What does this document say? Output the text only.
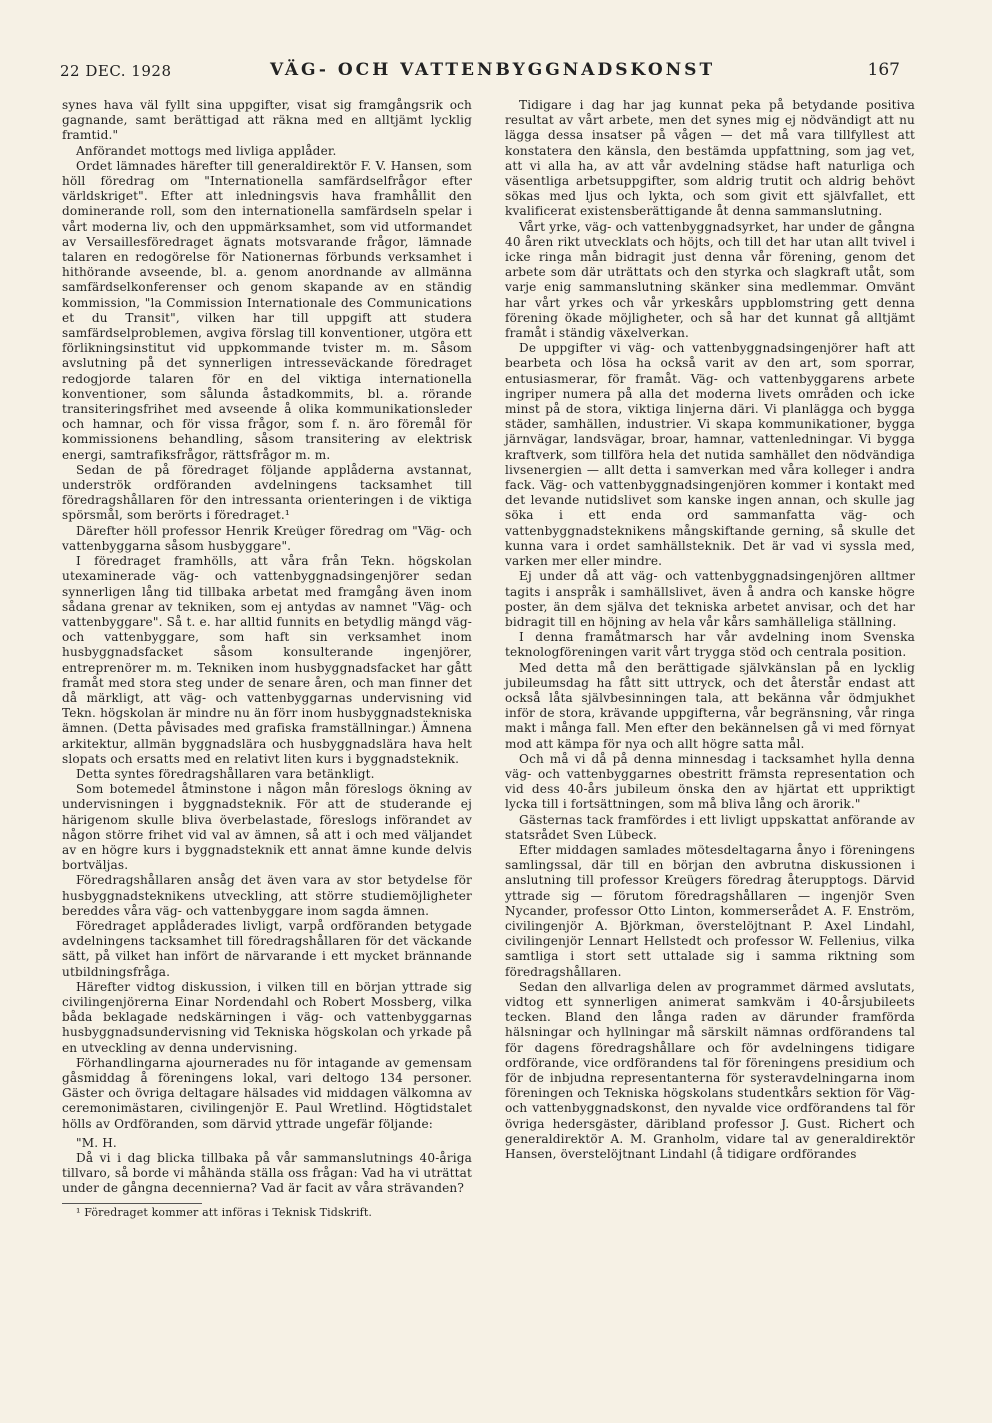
22 DEC. 1928	VÄG- OCH VATTENBYGGNADSKONST	167

synes hava väl fyllt sina uppgifter, visat sig framgångsrik och gagnande, samt berättigad att räkna med en alltjämt lycklig framtid."

Anförandet mottogs med livliga applåder.

Ordet lämnades härefter till generaldirektör F. V. Hansen, som höll föredrag om "Internationella samfärdselfrågor efter världskriget". Efter att inledningsvis hava framhållit den dominerande roll, som den internationella samfärdseln spelar i vårt moderna liv, och den uppmärksamhet, som vid utformandet av Versaillesföredraget ägnats motsvarande frågor, lämnade talaren en redogörelse för Nationernas förbunds verksamhet i hithörande avseende, bl. a. genom anordnande av allmänna samfärdselkonferenser och genom skapande av en ständig kommission, "la Commission Internationale des Communications et du Transit", vilken har till uppgift att studera samfärdselproblemen, avgiva förslag till konventioner, utgöra ett förlikningsinstitut vid uppkommande tvister m. m. Såsom avslutning på det synnerligen intresseväckande föredraget redogjorde talaren för en del viktiga internationella konventioner, som sålunda åstadkommits, bl. a. rörande transiteringsfrihet med avseende å olika kommunikationsleder och hamnar, och för vissa frågor, som f. n. äro föremål för kommissionens behandling, såsom transitering av elektrisk energi, samtrafiksfrågor, rättsfrågor m. m.

Sedan de på föredraget följande applåderna avstannat, underströk ordföranden avdelningens tacksamhet till föredragshållaren för den intressanta orienteringen i de viktiga spörsmål, som berörts i föredraget.¹

Därefter höll professor Henrik Kreüger föredrag om "Väg- och vattenbyggarna såsom husbyggare".

I föredraget framhölls, att våra från Tekn. högskolan utexaminerade väg- och vattenbyggnadsingenjörer sedan synnerligen lång tid tillbaka arbetat med framgång även inom sådana grenar av tekniken, som ej antydas av namnet "Väg- och vattenbyggare". Så t. e. har alltid funnits en betydlig mängd väg- och vattenbyggare, som haft sin verksamhet inom husbyggnadsfacket såsom konsulterande ingenjörer, entreprenörer m. m. Tekniken inom husbyggnadsfacket har gått framåt med stora steg under de senare åren, och man finner det då märkligt, att väg- och vattenbyggarnas undervisning vid Tekn. högskolan är mindre nu än förr inom husbyggnadstekniska ämnen. (Detta påvisades med grafiska framställningar.) Ämnena arkitektur, allmän byggnadslära och husbyggnadslära hava helt slopats och ersatts med en relativt liten kurs i byggnadsteknik.

Detta syntes föredragshållaren vara betänkligt.

Som botemedel åtminstone i någon mån föreslogs ökning av undervisningen i byggnadsteknik. För att de studerande ej härigenom skulle bliva överbelastade, föreslogs införandet av någon större frihet vid val av ämnen, så att i och med väljandet av en högre kurs i byggnadsteknik ett annat ämne kunde delvis bortväljas.

Föredragshållaren ansåg det även vara av stor betydelse för husbyggnadsteknikens utveckling, att större studiemöjligheter bereddes våra väg- och vattenbyggare inom sagda ämnen.

Föredraget applåderades livligt, varpå ordföranden betygade avdelningens tacksamhet till föredragshållaren för det väckande sätt, på vilket han infört de närvarande i ett mycket brännande utbildningsfråga.

Härefter vidtog diskussion, i vilken till en början yttrade sig civilingenjörerna Einar Nordendahl och Robert Mossberg, vilka båda beklagade nedskärningen i väg- och vattenbyggarnas husbyggnadsundervisning vid Tekniska högskolan och yrkade på en utveckling av denna undervisning.

Förhandlingarna ajournerades nu för intagande av gemensam gåsmiddag å föreningens lokal, vari deltogo 134 personer. Gäster och övriga deltagare hälsades vid middagen välkomna av ceremonimästaren, civilingenjör E. Paul Wretlind. Högtidstalet hölls av Ordföranden, som därvid yttrade ungefär följande:

"M. H.

Då vi i dag blicka tillbaka på vår sammanslutnings 40-åriga tillvaro, så borde vi måhända ställa oss frågan: Vad ha vi uträttat under de gångna decennierna? Vad är facit av våra strävanden?

¹ Föredraget kommer att införas i Teknisk Tidskrift.

Tidigare i dag har jag kunnat peka på betydande positiva resultat av vårt arbete, men det synes mig ej nödvändigt att nu lägga dessa insatser på vågen — det må vara tillfyllest att konstatera den känsla, den bestämda uppfattning, som jag vet, att vi alla ha, av att vår avdelning städse haft naturliga och väsentliga arbetsuppgifter, som aldrig trutit och aldrig behövt sökas med ljus och lykta, och som givit ett självfallet, ett kvalificerat existensberättigande åt denna sammanslutning.

Vårt yrke, väg- och vattenbyggnadsyrket, har under de gångna 40 åren rikt utvecklats och höjts, och till det har utan allt tvivel i icke ringa mån bidragit just denna vår förening, genom det arbete som där uträttats och den styrka och slagkraft utåt, som varje enig sammanslutning skänker sina medlemmar. Omvänt har vårt yrkes och vår yrkeskårs uppblomstring gett denna förening ökade möjligheter, och så har det kunnat gå alltjämt framåt i ständig växelverkan.

De uppgifter vi väg- och vattenbyggnadsingenjörer haft att bearbeta och lösa ha också varit av den art, som sporrar, entusiasmerar, för framåt. Väg- och vattenbyggarens arbete ingriper numera på alla det moderna livets områden och icke minst på de stora, viktiga linjerna däri. Vi planlägga och bygga städer, samhällen, industrier. Vi skapa kommunikationer, bygga järnvägar, landsvägar, broar, hamnar, vattenledningar. Vi bygga kraftverk, som tillföra hela det nutida samhället den nödvändiga livsenergien — allt detta i samverkan med våra kolleger i andra fack. Väg- och vattenbyggnadsingenjören kommer i kontakt med det levande nutidslivet som kanske ingen annan, och skulle jag söka i ett enda ord sammanfatta väg- och vattenbyggnadsteknikens mångskiftande gerning, så skulle det kunna vara i ordet samhällsteknik. Det är vad vi syssla med, varken mer eller mindre.

Ej under då att väg- och vattenbyggnadsingenjören alltmer tagits i anspråk i samhällslivet, även å andra och kanske högre poster, än dem själva det tekniska arbetet anvisar, och det har bidragit till en höjning av hela vår kårs samhälleliga ställning.

I denna framåtmarsch har vår avdelning inom Svenska teknologföreningen varit vårt trygga stöd och centrala position.

Med detta må den berättigade självkänslan på en lycklig jubileumsdag ha fått sitt uttryck, och det återstår endast att också låta självbesinningen tala, att bekänna vår ödmjukhet inför de stora, krävande uppgifterna, vår begränsning, vår ringa makt i många fall. Men efter den bekännelsen gå vi med förnyat mod att kämpa för nya och allt högre satta mål.

Och må vi då på denna minnesdag i tacksamhet hylla denna väg- och vattenbyggarnes obestritt främsta representation och vid dess 40-års jubileum önska den av hjärtat ett uppriktigt lycka till i fortsättningen, som må bliva lång och ärorik."

Gästernas tack framfördes i ett livligt uppskattat anförande av statsrådet Sven Lübeck.

Efter middagen samlades mötesdeltagarna ånyo i föreningens samlingssal, där till en början den avbrutna diskussionen i anslutning till professor Kreügers föredrag återupptogs. Därvid yttrade sig — förutom föredragshållaren — ingenjör Sven Nycander, professor Otto Linton, kommerserådet A. F. Enström, civilingenjör A. Björkman, överstelöjtnant P. Axel Lindahl, civilingenjör Lennart Hellstedt och professor W. Fellenius, vilka samtliga i stort sett uttalade sig i samma riktning som föredragshållaren.

Sedan den allvarliga delen av programmet därmed avslutats, vidtog ett synnerligen animerat samkväm i 40-årsjubileets tecken. Bland den långa raden av därunder framförda hälsningar och hyllningar må särskilt nämnas ordförandens tal för dagens föredragshållare och för avdelningens tidigare ordförande, vice ordförandens tal för föreningens presidium och för de inbjudna representanterna för systeravdelningarna inom föreningen och Tekniska högskolans studentkårs sektion för Väg- och vattenbyggnadskonst, den nyvalde vice ordförandens tal för övriga hedersgäster, däribland professor J. Gust. Richert och generaldirektör A. M. Granholm, vidare tal av generaldirektör Hansen, överstelöjtnant Lindahl (å tidigare ordförandes
